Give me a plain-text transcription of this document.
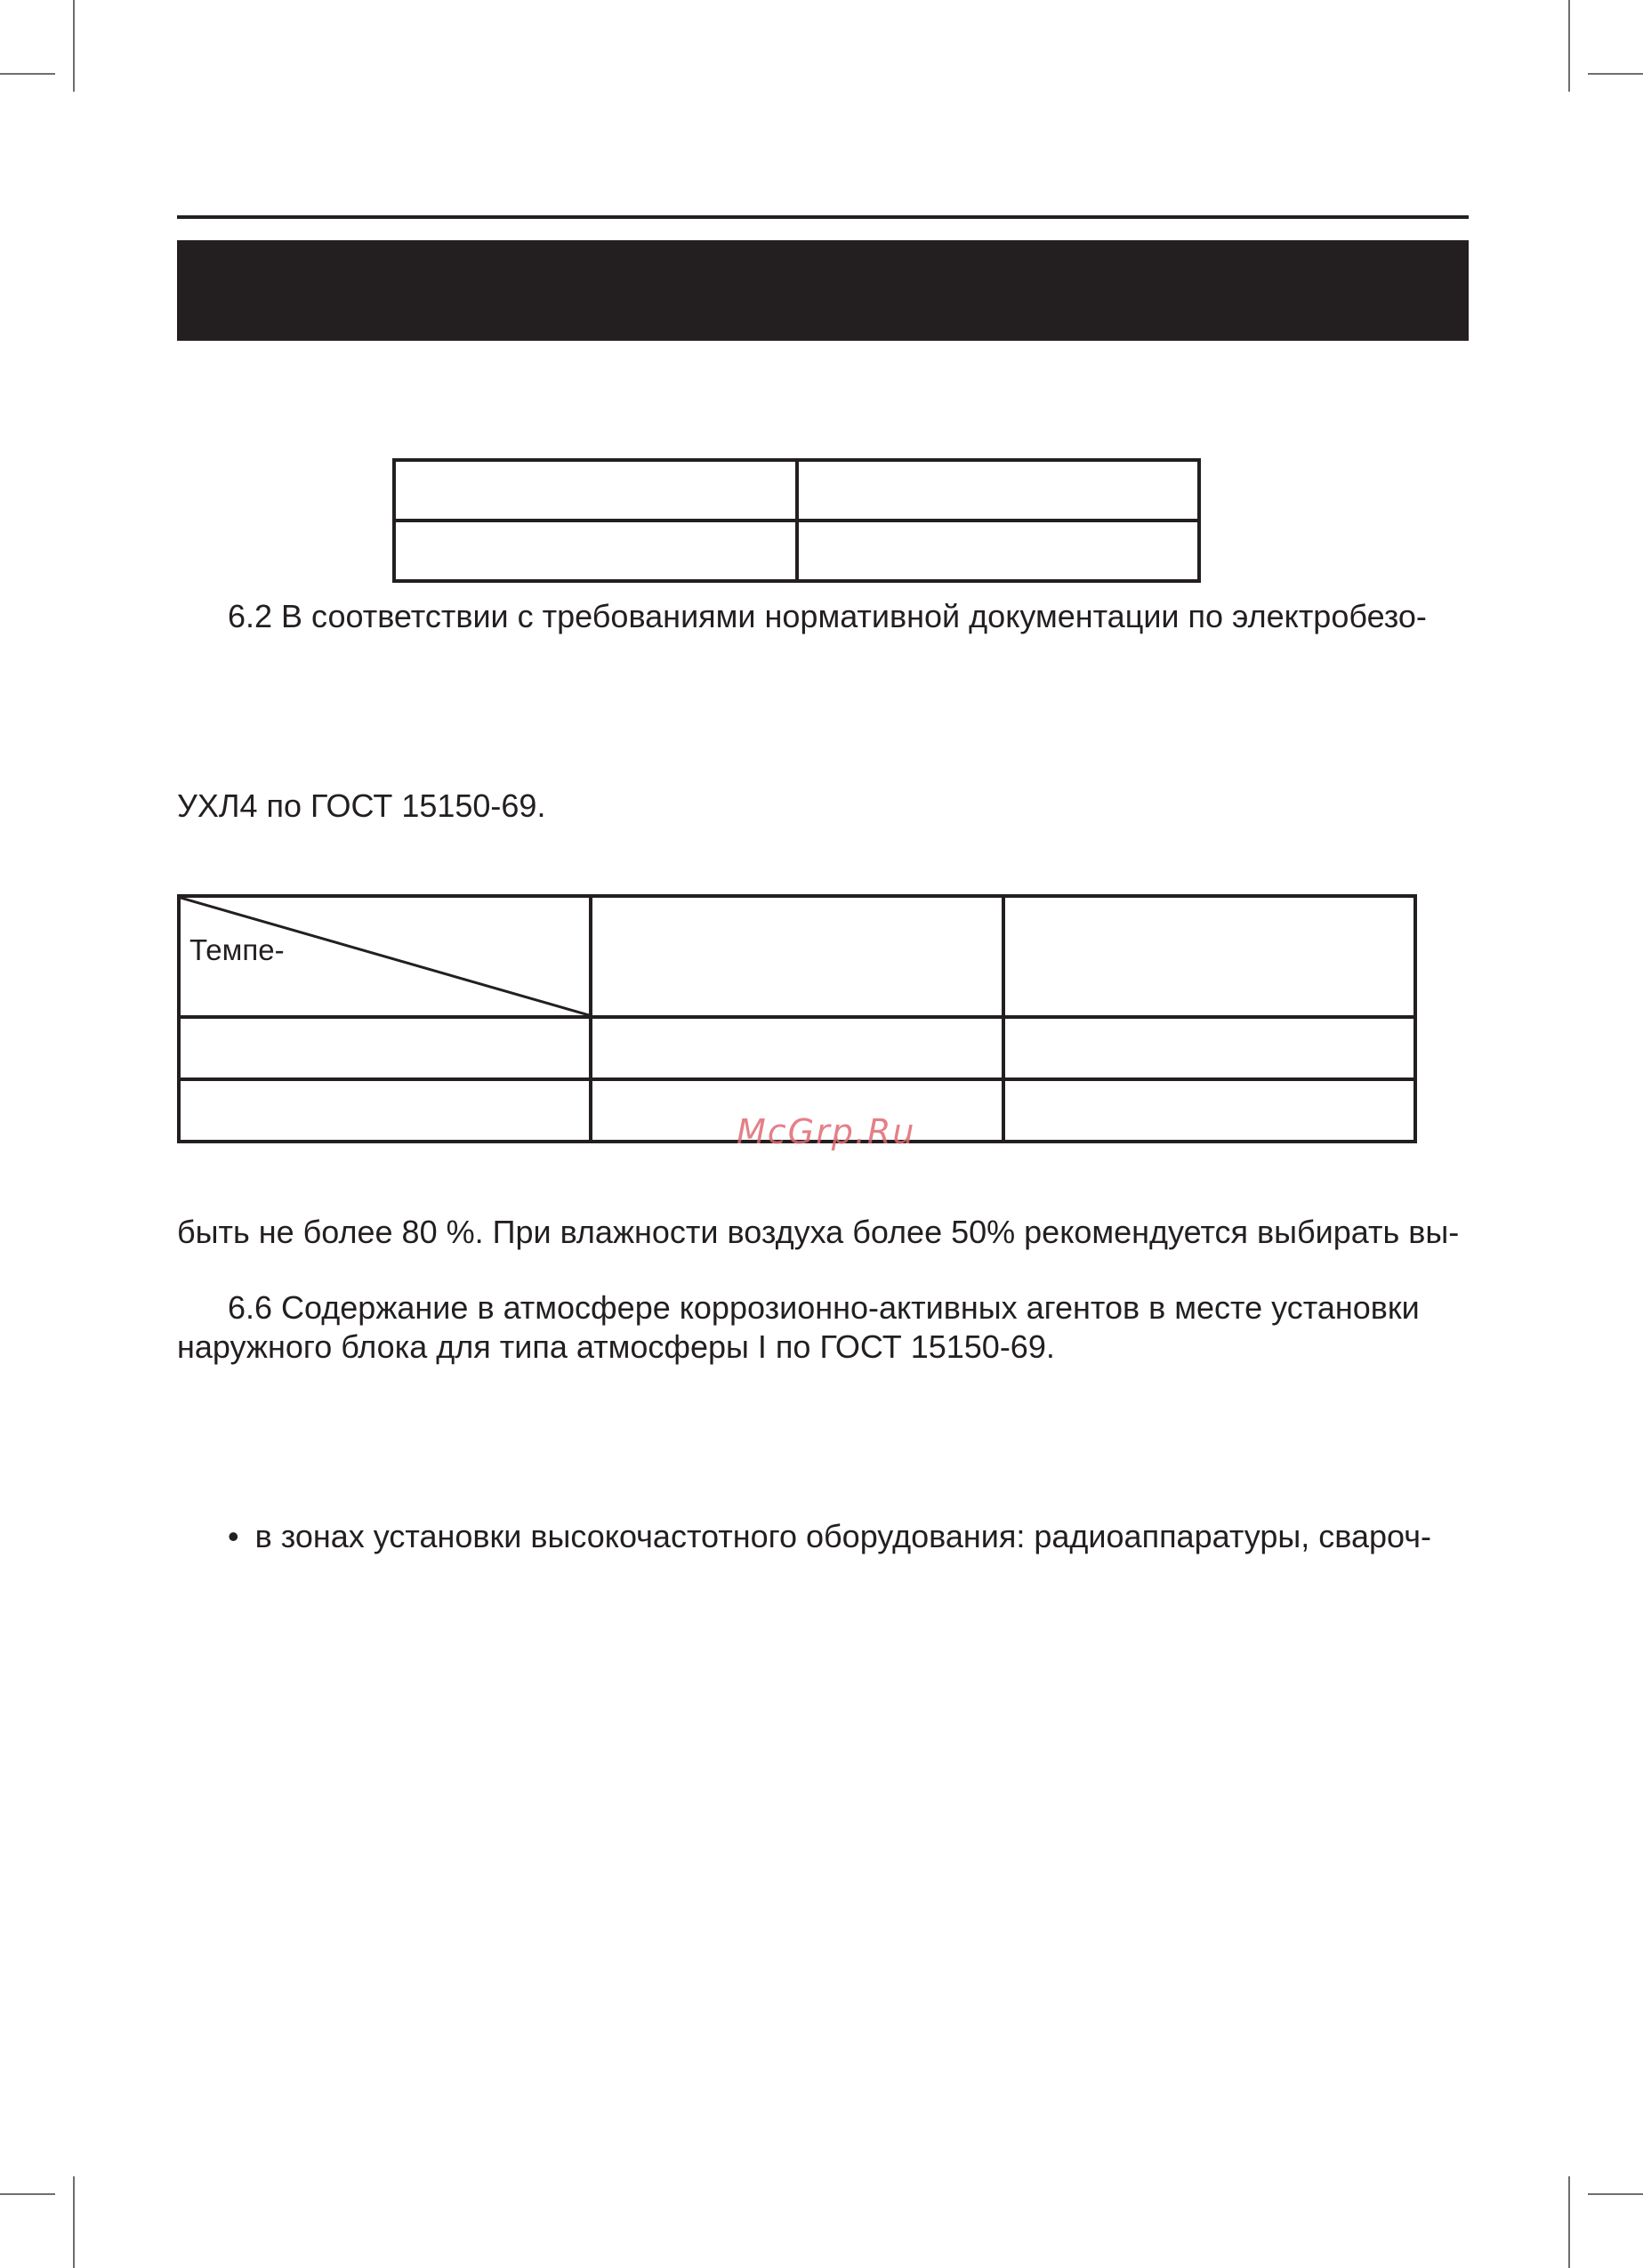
6.2 В соответствии с требованиями нормативной документации по электробезо-
УХЛ4 по ГОСТ 15150-69.
Темпе-		

McGrp.Ru
быть не более 80 %. При влажности воздуха более 50% рекомендуется выбирать вы-
6.6 Содержание в атмосфере коррозионно-активных агентов в месте установки
наружного блока для типа атмосферы I по ГОСТ 15150-69.
• в зонах установки высокочастотного оборудования: радиоаппаратуры, свароч-
